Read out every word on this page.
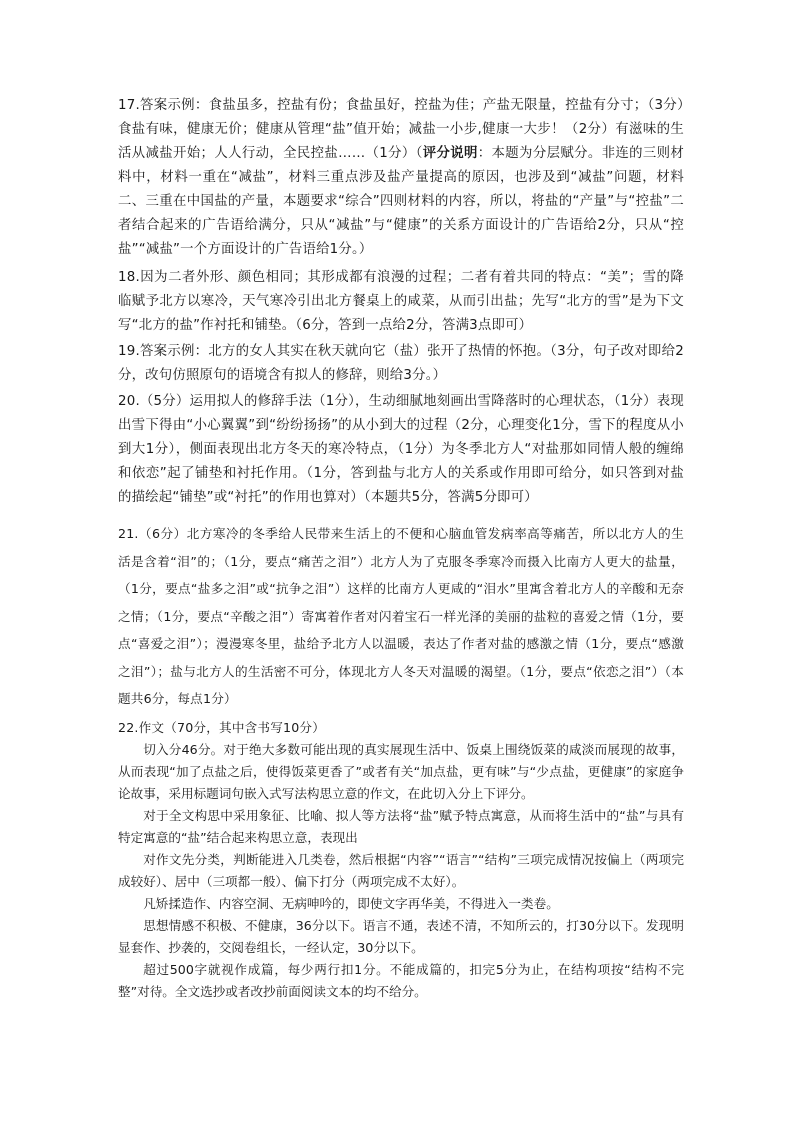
17.答案示例：食盐虽多，控盐有份；食盐虽好，控盐为佳；产盐无限量，控盐有分寸；（3分）食盐有味，健康无价；健康从管理“盐”值开始；减盐一小步,健康一大步！（2分）有滋味的生活从减盐开始；人人行动，全民控盐……（1分）（评分说明：本题为分层赋分。非连的三则材料中，材料一重在“减盐”，材料三重点涉及盐产量提高的原因，也涉及到“减盐”问题，材料二、三重在中国盐的产量，本题要求“综合”四则材料的内容，所以，将盐的“产量”与“控盐”二者结合起来的广告语给满分，只从“减盐”与“健康”的关系方面设计的广告语给2分，只从“控盐”“减盐”一个方面设计的广告语给1分。）

18.因为二者外形、颜色相同；其形成都有浪漫的过程；二者有着共同的特点：“美”；雪的降临赋予北方以寒冷，天气寒冷引出北方餐桌上的咸菜，从而引出盐；先写“北方的雪”是为下文写“北方的盐”作衬托和铺垫。（6分，答到一点给2分，答满3点即可）

19.答案示例：北方的女人其实在秋天就向它（盐）张开了热情的怀抱。（3分，句子改对即给2分，改句仿照原句的语境含有拟人的修辞，则给3分。）

20.（5分）运用拟人的修辞手法（1分），生动细腻地刻画出雪降落时的心理状态，（1分）表现出雪下得由“小心翼翼”到“纷纷扬扬”的从小到大的过程（2分，心理变化1分，雪下的程度从小到大1分），侧面表现出北方冬天的寒冷特点，（1分）为冬季北方人“对盐那如同情人般的缠绵和依恋”起了铺垫和衬托作用。（1分，答到盐与北方人的关系或作用即可给分，如只答到对盐的描绘起“铺垫”或“衬托”的作用也算对）（本题共5分，答满5分即可）

21.（6分）北方寒冷的冬季给人民带来生活上的不便和心脑血管发病率高等痛苦，所以北方人的生活是含着“泪”的；（1分，要点“痛苦之泪”）北方人为了克服冬季寒冷而摄入比南方人更大的盐量，（1分，要点“盐多之泪”或“抗争之泪”）这样的比南方人更咸的“泪水”里寓含着北方人的辛酸和无奈之情；（1分，要点“辛酸之泪”）寄寓着作者对闪着宝石一样光泽的美丽的盐粒的喜爱之情（1分，要点“喜爱之泪”）；漫漫寒冬里，盐给予北方人以温暖，表达了作者对盐的感激之情（1分，要点“感激之泪”）；盐与北方人的生活密不可分，体现北方人冬天对温暖的渴望。（1分，要点“依恋之泪”）（本题共6分，每点1分）

22.作文（70分，其中含书写10分）

切入分46分。对于绝大多数可能出现的真实展现生活中、饭桌上围绕饭菜的咸淡而展现的故事，从而表现“加了点盐之后，使得饭菜更香了”或者有关“加点盐，更有味”与“少点盐，更健康”的家庭争论故事，采用标题词句嵌入式写法构思立意的作文，在此切入分上下评分。

对于全文构思中采用象征、比喻、拟人等方法将“盐”赋予特点寓意，从而将生活中的“盐”与具有特定寓意的“盐”结合起来构思立意，表现出

对作文先分类，判断能进入几类卷，然后根据“内容”“语言”“结构”三项完成情况按偏上（两项完成较好）、居中（三项都一般）、偏下打分（两项完成不太好）。

凡矫揉造作、内容空洞、无病呻吟的，即使文字再华美，不得进入一类卷。

思想情感不积极、不健康，36分以下。语言不通，表述不清，不知所云的，打30分以下。发现明显套作、抄袭的，交阅卷组长，一经认定，30分以下。

超过500字就视作成篇，每少两行扣1分。不能成篇的，扣完5分为止，在结构项按“结构不完整”对待。全文选抄或者改抄前面阅读文本的均不给分。
